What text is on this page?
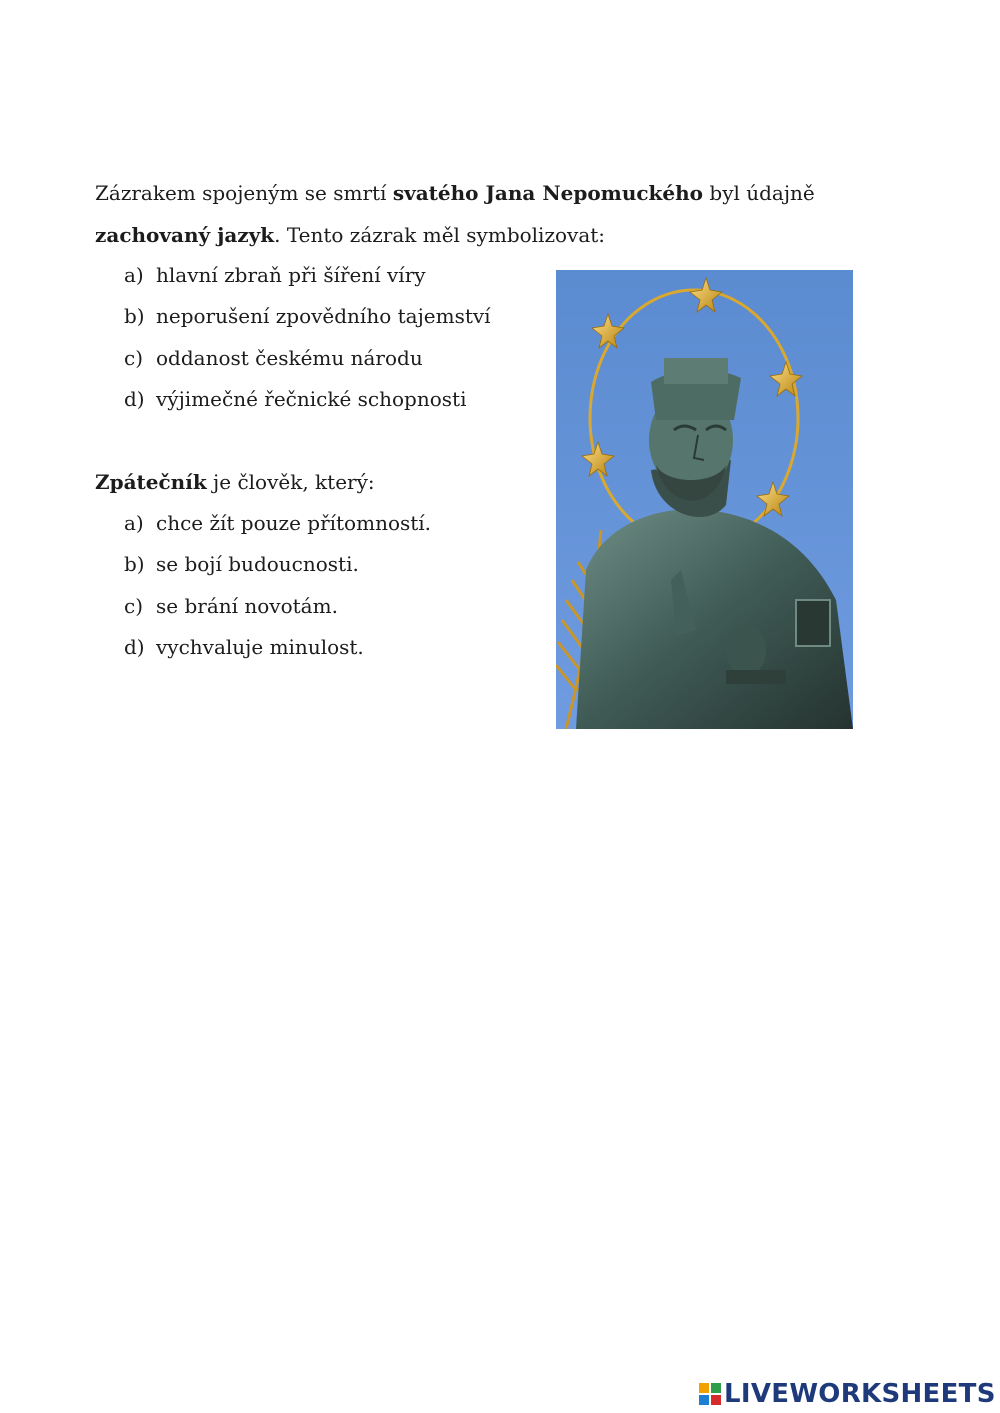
Zázrakem spojeným se smrtí svatého Jana Nepomuckého byl údajně
zachovaný jazyk. Tento zázrak měl symbolizovat:

a) hlavní zbraň při šíření víry
b) neporušení zpovědního tajemství
c) oddanost českému národu
d) výjimečné řečnické schopnosti

Zpátečník je člověk, který:

a) chce žít pouze přítomností.
b) se bojí budoucnosti.
c) se brání novotám.
d) vychvaluje minulost.
LIVEWORKSHEETS
